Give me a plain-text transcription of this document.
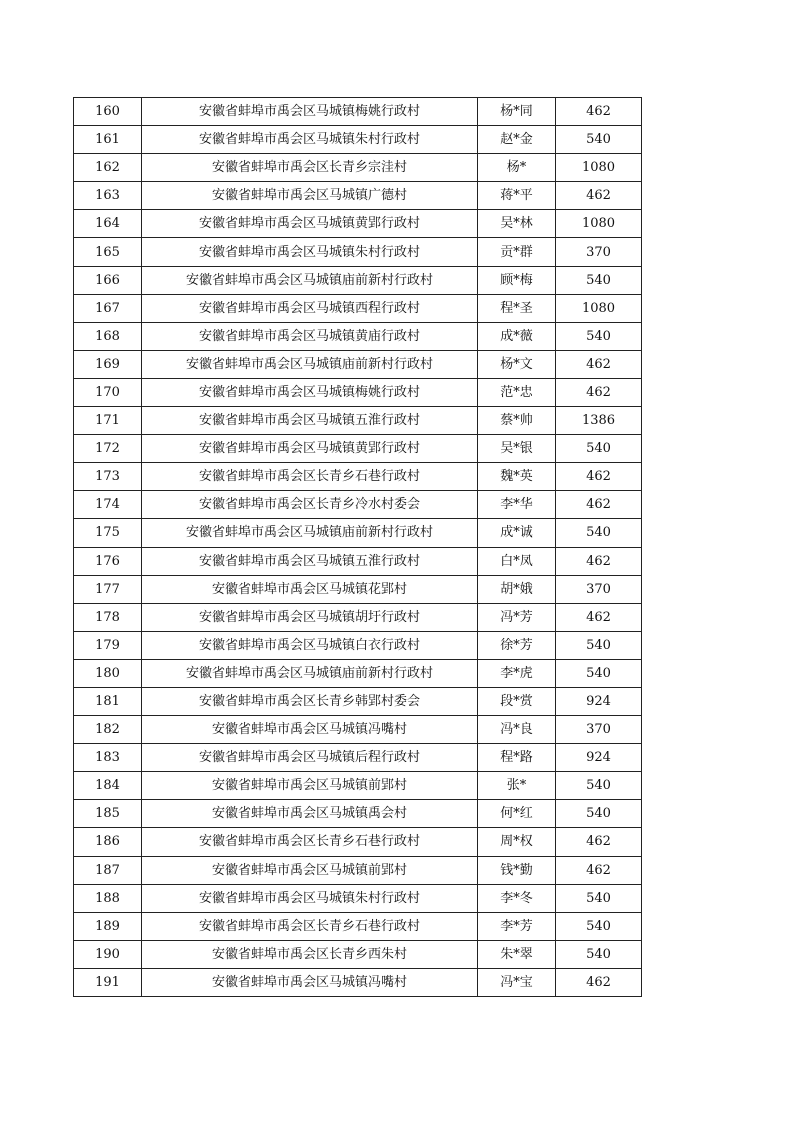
160	安徽省蚌埠市禹会区马城镇梅姚行政村	杨*同	462
161	安徽省蚌埠市禹会区马城镇朱村行政村	赵*金	540
162	安徽省蚌埠市禹会区长青乡宗洼村	杨*	1080
163	安徽省蚌埠市禹会区马城镇广德村	蒋*平	462
164	安徽省蚌埠市禹会区马城镇黄郢行政村	吴*林	1080
165	安徽省蚌埠市禹会区马城镇朱村行政村	贡*群	370
166	安徽省蚌埠市禹会区马城镇庙前新村行政村	顾*梅	540
167	安徽省蚌埠市禹会区马城镇西程行政村	程*圣	1080
168	安徽省蚌埠市禹会区马城镇黄庙行政村	成*薇	540
169	安徽省蚌埠市禹会区马城镇庙前新村行政村	杨*文	462
170	安徽省蚌埠市禹会区马城镇梅姚行政村	范*忠	462
171	安徽省蚌埠市禹会区马城镇五淮行政村	蔡*帅	1386
172	安徽省蚌埠市禹会区马城镇黄郢行政村	吴*银	540
173	安徽省蚌埠市禹会区长青乡石巷行政村	魏*英	462
174	安徽省蚌埠市禹会区长青乡冷水村委会	李*华	462
175	安徽省蚌埠市禹会区马城镇庙前新村行政村	成*诚	540
176	安徽省蚌埠市禹会区马城镇五淮行政村	白*凤	462
177	安徽省蚌埠市禹会区马城镇花郢村	胡*娥	370
178	安徽省蚌埠市禹会区马城镇胡圩行政村	冯*芳	462
179	安徽省蚌埠市禹会区马城镇白衣行政村	徐*芳	540
180	安徽省蚌埠市禹会区马城镇庙前新村行政村	李*虎	540
181	安徽省蚌埠市禹会区长青乡韩郢村委会	段*赏	924
182	安徽省蚌埠市禹会区马城镇冯嘴村	冯*良	370
183	安徽省蚌埠市禹会区马城镇后程行政村	程*路	924
184	安徽省蚌埠市禹会区马城镇前郢村	张*	540
185	安徽省蚌埠市禹会区马城镇禹会村	何*红	540
186	安徽省蚌埠市禹会区长青乡石巷行政村	周*权	462
187	安徽省蚌埠市禹会区马城镇前郢村	钱*勤	462
188	安徽省蚌埠市禹会区马城镇朱村行政村	李*冬	540
189	安徽省蚌埠市禹会区长青乡石巷行政村	李*芳	540
190	安徽省蚌埠市禹会区长青乡西朱村	朱*翠	540
191	安徽省蚌埠市禹会区马城镇冯嘴村	冯*宝	462
